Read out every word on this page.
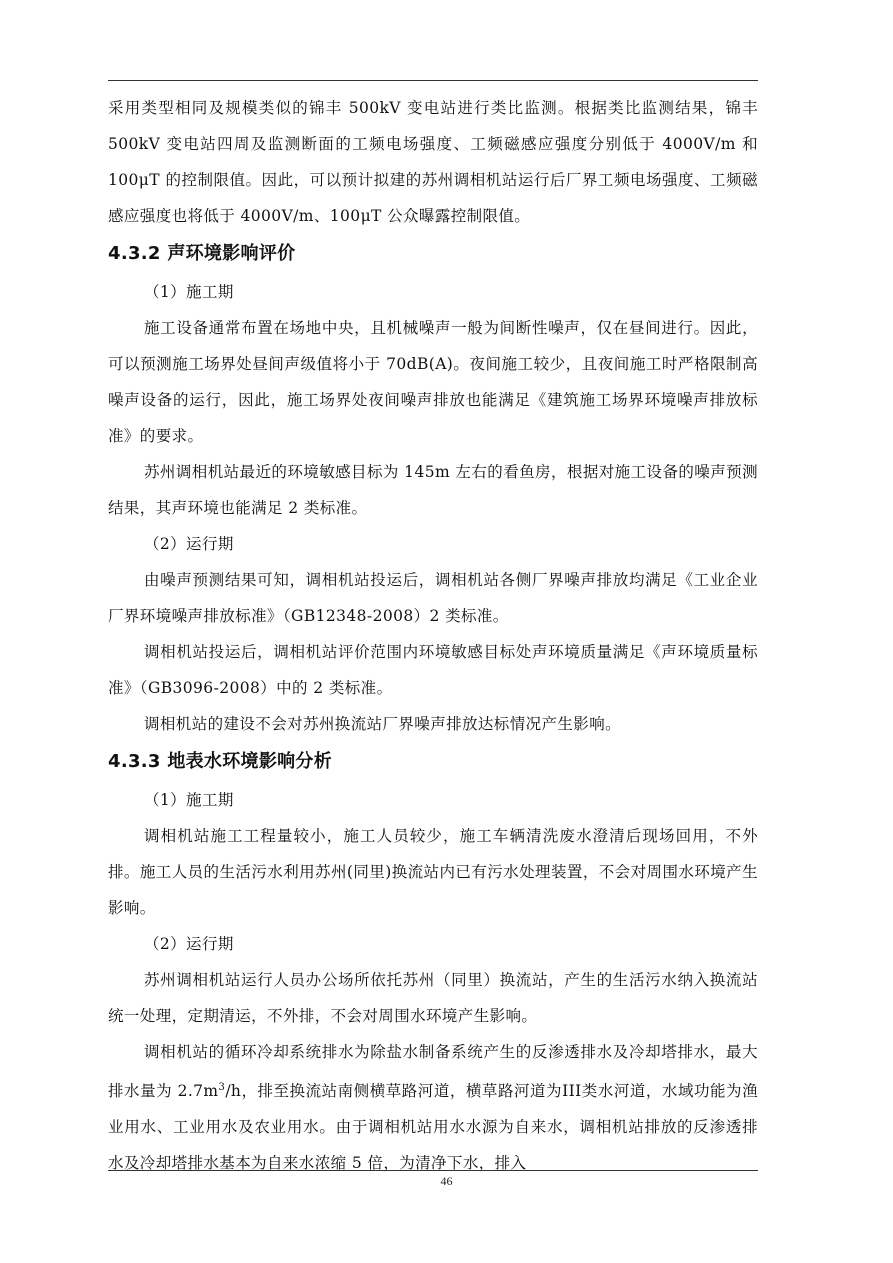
采用类型相同及规模类似的锦丰 500kV 变电站进行类比监测。根据类比监测结果，锦丰 500kV 变电站四周及监测断面的工频电场强度、工频磁感应强度分别低于 4000V/m 和 100μT 的控制限值。因此，可以预计拟建的苏州调相机站运行后厂界工频电场强度、工频磁感应强度也将低于 4000V/m、100μT 公众曝露控制限值。

4.3.2 声环境影响评价

（1）施工期

施工设备通常布置在场地中央，且机械噪声一般为间断性噪声，仅在昼间进行。因此，可以预测施工场界处昼间声级值将小于 70dB(A)。夜间施工较少，且夜间施工时严格限制高噪声设备的运行，因此，施工场界处夜间噪声排放也能满足《建筑施工场界环境噪声排放标准》的要求。

苏州调相机站最近的环境敏感目标为 145m 左右的看鱼房，根据对施工设备的噪声预测结果，其声环境也能满足 2 类标准。

（2）运行期

由噪声预测结果可知，调相机站投运后，调相机站各侧厂界噪声排放均满足《工业企业厂界环境噪声排放标准》（GB12348-2008）2 类标准。

调相机站投运后，调相机站评价范围内环境敏感目标处声环境质量满足《声环境质量标准》（GB3096-2008）中的 2 类标准。

调相机站的建设不会对苏州换流站厂界噪声排放达标情况产生影响。

4.3.3 地表水环境影响分析

（1）施工期

调相机站施工工程量较小，施工人员较少，施工车辆清洗废水澄清后现场回用，不外排。施工人员的生活污水利用苏州(同里)换流站内已有污水处理装置，不会对周围水环境产生影响。

（2）运行期

苏州调相机站运行人员办公场所依托苏州（同里）换流站，产生的生活污水纳入换流站统一处理，定期清运，不外排，不会对周围水环境产生影响。

调相机站的循环冷却系统排水为除盐水制备系统产生的反渗透排水及冷却塔排水，最大排水量为 $2.7m^3/h$，排至换流站南侧横草路河道，横草路河道为III类水河道，水域功能为渔业用水、工业用水及农业用水。由于调相机站用水水源为自来水，调相机站排放的反渗透排水及冷却塔排水基本为自来水浓缩 5 倍，为清净下水，排入

46
